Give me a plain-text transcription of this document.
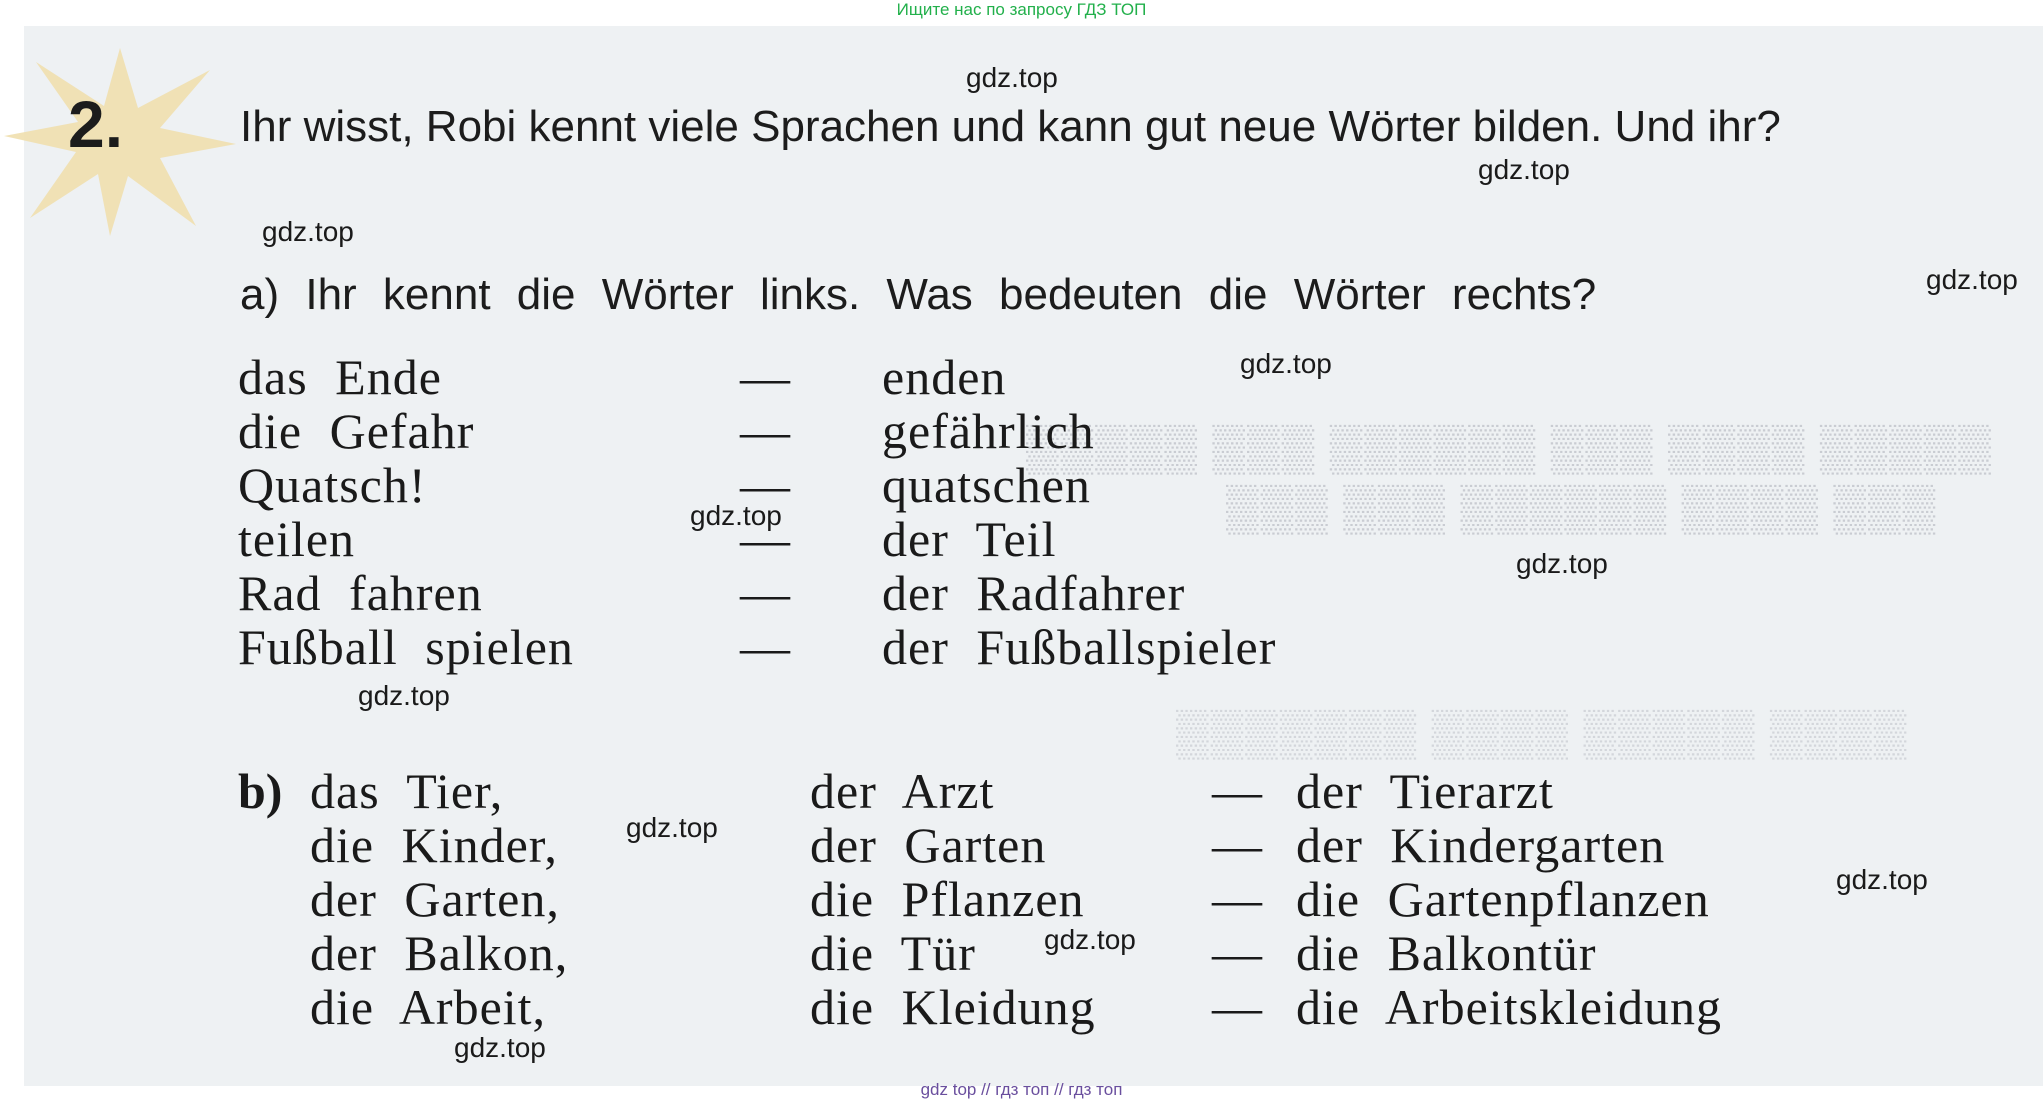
Ищите нас по запросу ГДЗ ТОП
▒▒▒▒▒ ▒▒▒▒ ▒▒▒ ▒▒▒▒▒▒ ▒▒▒ ▒▒▒▒▒
▒▒▒ ▒▒▒▒ ▒▒▒▒▒▒ ▒▒▒ ▒▒▒
▒▒▒▒ ▒▒▒▒▒ ▒▒▒▒ ▒▒▒▒▒▒▒
2.	Ihr wisst, Robi kennt viele Sprachen und kann gut neue Wörter bilden. Und ihr?
a) Ihr kennt die Wörter links. Was bedeuten die Wörter rechts?
das Ende	— enden
die Gefahr	— gefährlich
Quatsch!	— quatschen
teilen	— der Teil
Rad fahren	— der Radfahrer
Fußball spielen	— der Fußballspieler
b) das Tier,	der Arzt	— der Tierarzt
die Kinder,	der Garten	— der Kindergarten
der Garten,	die Pflanzen	— die Gartenpflanzen
der Balkon,	die Tür	— die Balkontür
die Arbeit,	die Kleidung — die Arbeitskleidung
gdz.top
gdz.top
gdz.top
gdz.top
gdz.top
gdz.top
gdz.top
gdz.top
gdz.top
gdz.top
gdz.top
gdz.top
gdz top // гдз топ // гдз топ
